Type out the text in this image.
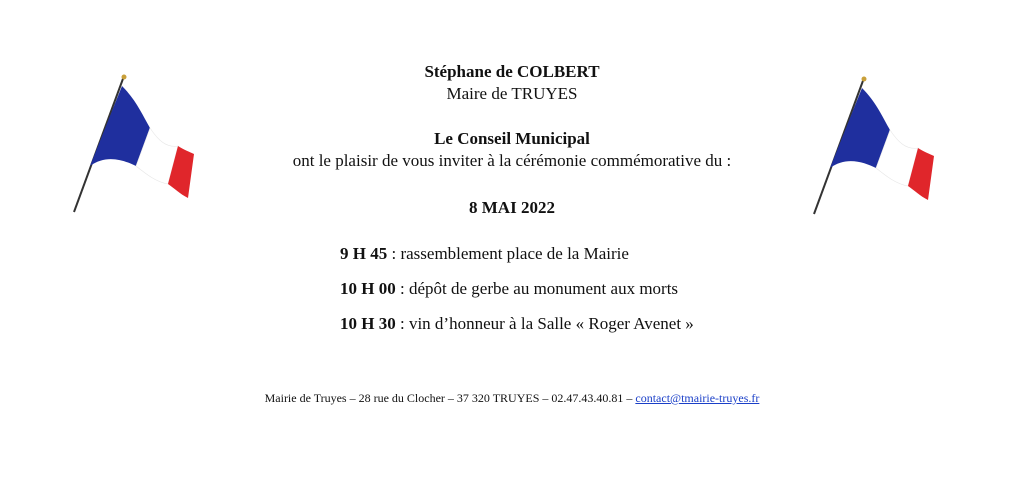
Stéphane de COLBERT
Maire de TRUYES
Le Conseil Municipal
ont le plaisir de vous inviter à la cérémonie commémorative du :
8 MAI 2022
9 H 45 : rassemblement place de la Mairie
10 H 00 : dépôt de gerbe au monument aux morts
10 H 30 : vin d’honneur à la Salle « Roger Avenet »
Mairie de Truyes – 28 rue du Clocher – 37 320 TRUYES – 02.47.43.40.81 – contact@tmairie-truyes.fr
